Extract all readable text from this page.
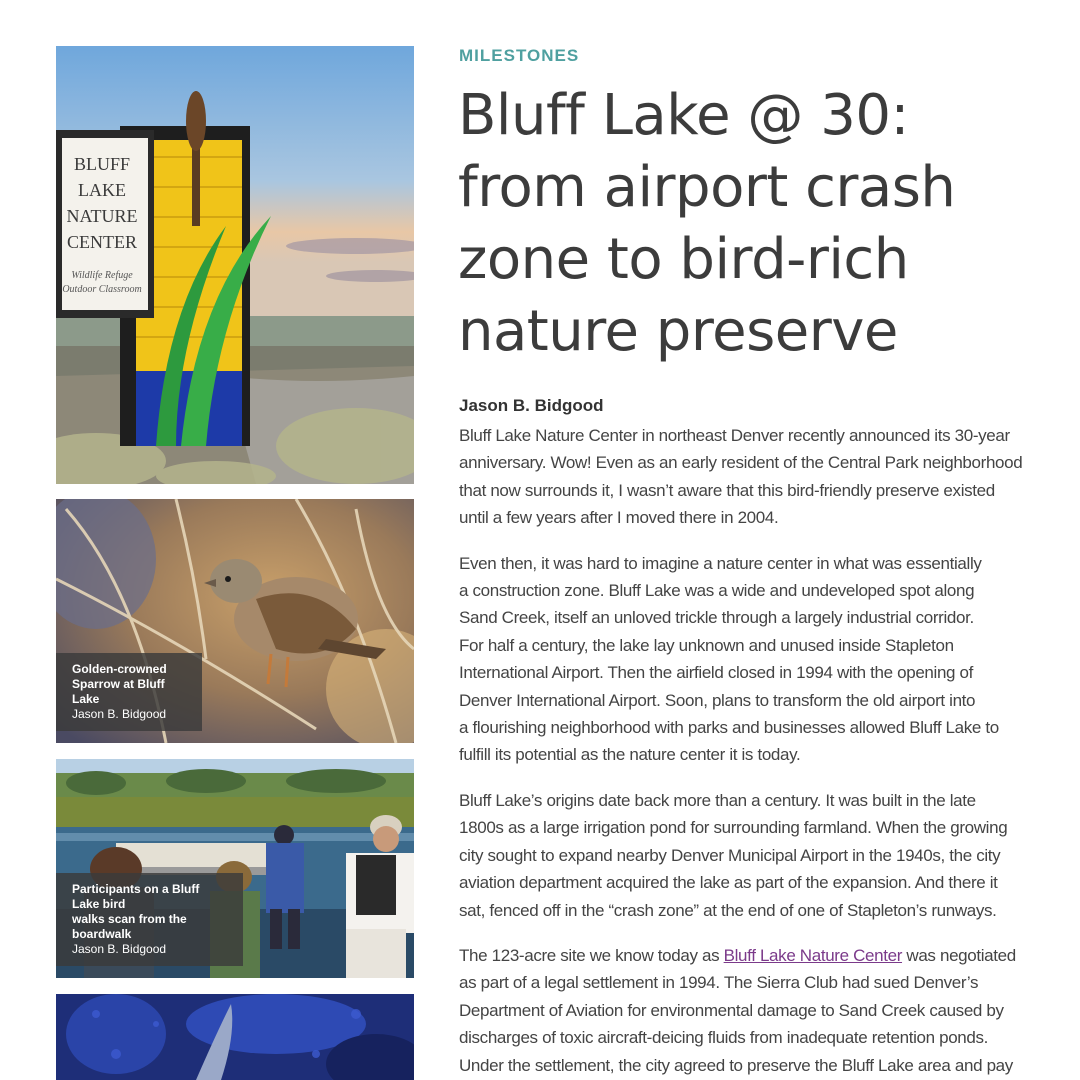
BLUFF
LAKE
NATURE
CENTER
Wildlife Refuge
Outdoor Classroom
Golden-crowned
Sparrow at Bluff Lake
Jason B. Bidgood
Participants on a Bluff Lake bird
walks scan from the boardwalk
Jason B. Bidgood
MILESTONES
Bluff Lake @ 30:
from airport crash
zone to bird-rich
nature preserve
Jason B. Bidgood

Bluff Lake Nature Center in northeast Denver recently announced its 30-year
anniversary. Wow! Even as an early resident of the Central Park neighborhood
that now surrounds it, I wasn’t aware that this bird-friendly preserve existed
until a few years after I moved there in 2004.

Even then, it was hard to imagine a nature center in what was essentially
a construction zone. Bluff Lake was a wide and undeveloped spot along
Sand Creek, itself an unloved trickle through a largely industrial corridor.
For half a century, the lake lay unknown and unused inside Stapleton
International Airport. Then the airfield closed in 1994 with the opening of
Denver International Airport. Soon, plans to transform the old airport into
a flourishing neighborhood with parks and businesses allowed Bluff Lake to
fulfill its potential as the nature center it is today.

Bluff Lake’s origins date back more than a century. It was built in the late
1800s as a large irrigation pond for surrounding farmland. When the growing
city sought to expand nearby Denver Municipal Airport in the 1940s, the city
aviation department acquired the lake as part of the expansion. And there it
sat, fenced off in the “crash zone” at the end of one of Stapleton’s runways.

The 123-acre site we know today as Bluff Lake Nature Center was negotiated
as part of a legal settlement in 1994. The Sierra Club had sued Denver’s
Department of Aviation for environmental damage to Sand Creek caused by
discharges of toxic aircraft-deicing fluids from inadequate retention ponds.
Under the settlement, the city agreed to preserve the Bluff Lake area and pay
